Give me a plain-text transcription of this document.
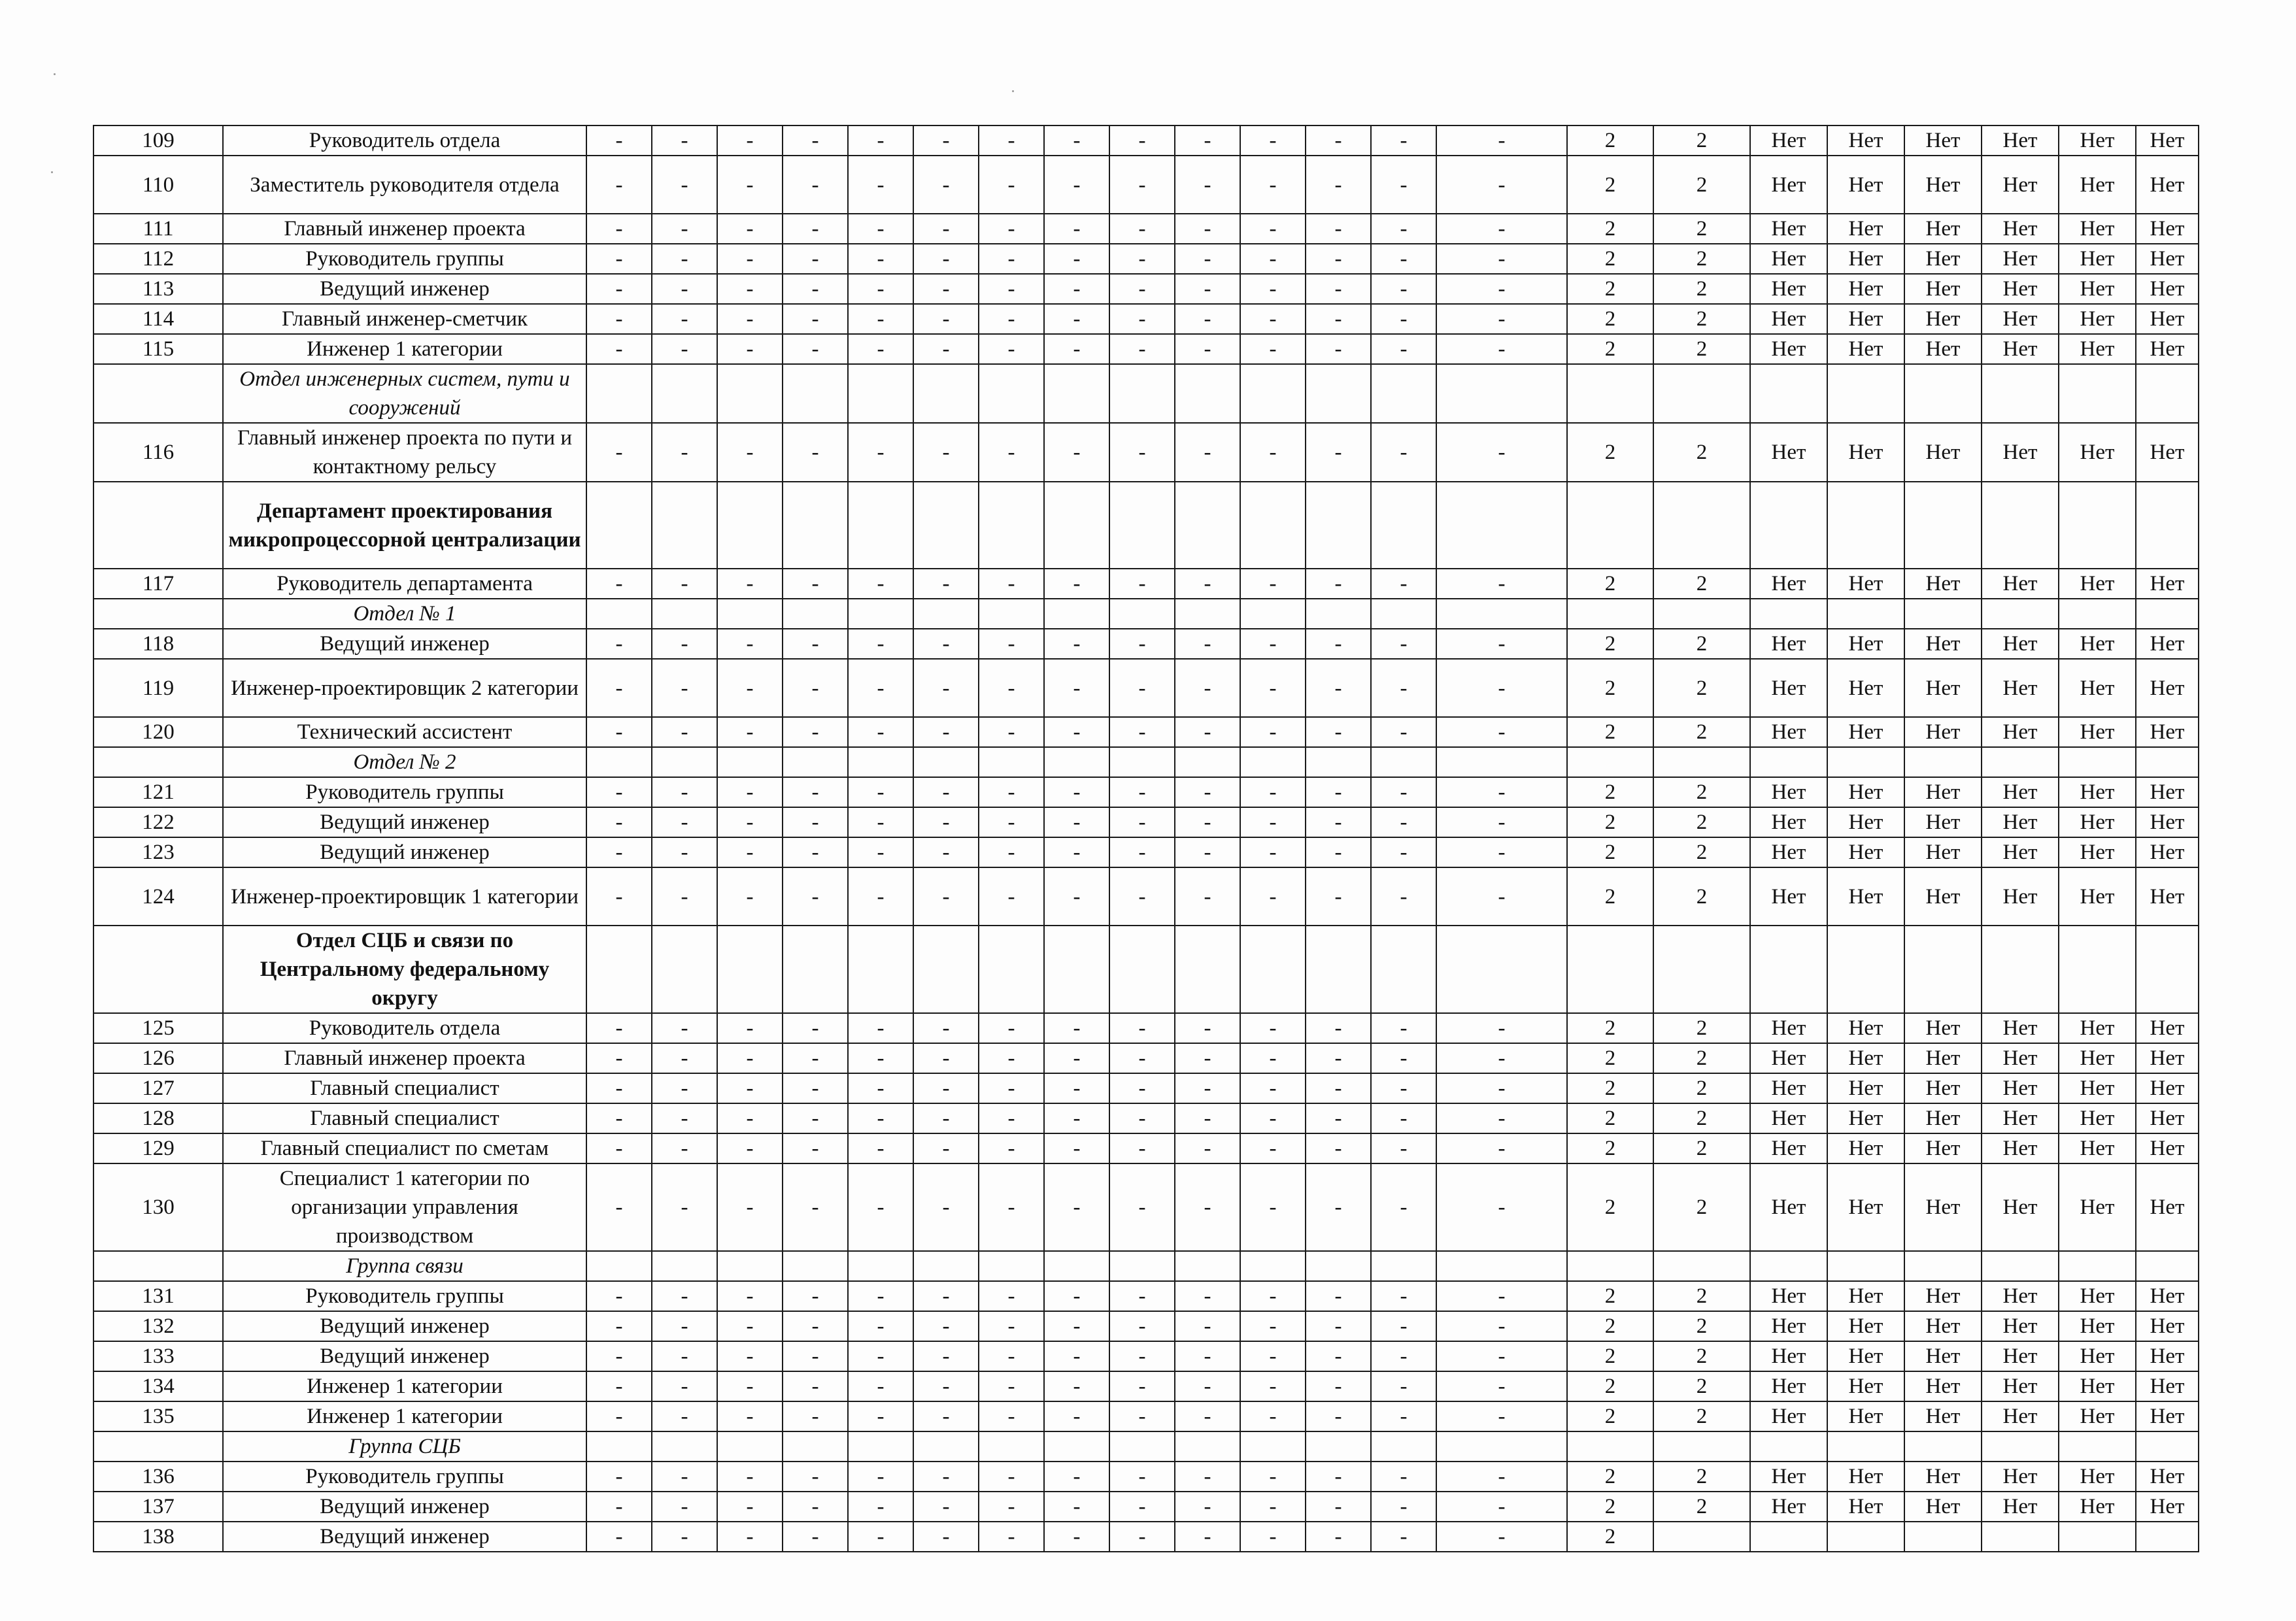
109	Руководитель отдела	-	-	-	-	-	-	-	-	-	-	-	-	-	-	2	2	Нет	Нет	Нет	Нет	Нет	Нет
110	Заместитель руководителя отдела	-	-	-	-	-	-	-	-	-	-	-	-	-	-	2	2	Нет	Нет	Нет	Нет	Нет	Нет
111	Главный инженер проекта	-	-	-	-	-	-	-	-	-	-	-	-	-	-	2	2	Нет	Нет	Нет	Нет	Нет	Нет
112	Руководитель группы	-	-	-	-	-	-	-	-	-	-	-	-	-	-	2	2	Нет	Нет	Нет	Нет	Нет	Нет
113	Ведущий инженер	-	-	-	-	-	-	-	-	-	-	-	-	-	-	2	2	Нет	Нет	Нет	Нет	Нет	Нет
114	Главный инженер-сметчик	-	-	-	-	-	-	-	-	-	-	-	-	-	-	2	2	Нет	Нет	Нет	Нет	Нет	Нет
115	Инженер 1 категории	-	-	-	-	-	-	-	-	-	-	-	-	-	-	2	2	Нет	Нет	Нет	Нет	Нет	Нет
	Отдел инженерных систем, пути и сооружений																						
116	Главный инженер проекта по пути и контактному рельсу	-	-	-	-	-	-	-	-	-	-	-	-	-	-	2	2	Нет	Нет	Нет	Нет	Нет	Нет
	Департамент проектирования микропроцессорной централизации																						
117	Руководитель департамента	-	-	-	-	-	-	-	-	-	-	-	-	-	-	2	2	Нет	Нет	Нет	Нет	Нет	Нет
	Отдел № 1																						
118	Ведущий инженер	-	-	-	-	-	-	-	-	-	-	-	-	-	-	2	2	Нет	Нет	Нет	Нет	Нет	Нет
119	Инженер-проектировщик 2 категории	-	-	-	-	-	-	-	-	-	-	-	-	-	-	2	2	Нет	Нет	Нет	Нет	Нет	Нет
120	Технический ассистент	-	-	-	-	-	-	-	-	-	-	-	-	-	-	2	2	Нет	Нет	Нет	Нет	Нет	Нет
	Отдел № 2																						
121	Руководитель группы	-	-	-	-	-	-	-	-	-	-	-	-	-	-	2	2	Нет	Нет	Нет	Нет	Нет	Нет
122	Ведущий инженер	-	-	-	-	-	-	-	-	-	-	-	-	-	-	2	2	Нет	Нет	Нет	Нет	Нет	Нет
123	Ведущий инженер	-	-	-	-	-	-	-	-	-	-	-	-	-	-	2	2	Нет	Нет	Нет	Нет	Нет	Нет
124	Инженер-проектировщик 1 категории	-	-	-	-	-	-	-	-	-	-	-	-	-	-	2	2	Нет	Нет	Нет	Нет	Нет	Нет
	Отдел СЦБ и связи по Центральному федеральному округу																						
125	Руководитель отдела	-	-	-	-	-	-	-	-	-	-	-	-	-	-	2	2	Нет	Нет	Нет	Нет	Нет	Нет
126	Главный инженер проекта	-	-	-	-	-	-	-	-	-	-	-	-	-	-	2	2	Нет	Нет	Нет	Нет	Нет	Нет
127	Главный специалист	-	-	-	-	-	-	-	-	-	-	-	-	-	-	2	2	Нет	Нет	Нет	Нет	Нет	Нет
128	Главный специалист	-	-	-	-	-	-	-	-	-	-	-	-	-	-	2	2	Нет	Нет	Нет	Нет	Нет	Нет
129	Главный специалист по сметам	-	-	-	-	-	-	-	-	-	-	-	-	-	-	2	2	Нет	Нет	Нет	Нет	Нет	Нет
130	Специалист 1 категории по организации управления производством	-	-	-	-	-	-	-	-	-	-	-	-	-	-	2	2	Нет	Нет	Нет	Нет	Нет	Нет
	Группа связи																						
131	Руководитель группы	-	-	-	-	-	-	-	-	-	-	-	-	-	-	2	2	Нет	Нет	Нет	Нет	Нет	Нет
132	Ведущий инженер	-	-	-	-	-	-	-	-	-	-	-	-	-	-	2	2	Нет	Нет	Нет	Нет	Нет	Нет
133	Ведущий инженер	-	-	-	-	-	-	-	-	-	-	-	-	-	-	2	2	Нет	Нет	Нет	Нет	Нет	Нет
134	Инженер 1 категории	-	-	-	-	-	-	-	-	-	-	-	-	-	-	2	2	Нет	Нет	Нет	Нет	Нет	Нет
135	Инженер 1 категории	-	-	-	-	-	-	-	-	-	-	-	-	-	-	2	2	Нет	Нет	Нет	Нет	Нет	Нет
	Группа СЦБ																						
136	Руководитель группы	-	-	-	-	-	-	-	-	-	-	-	-	-	-	2	2	Нет	Нет	Нет	Нет	Нет	Нет
137	Ведущий инженер	-	-	-	-	-	-	-	-	-	-	-	-	-	-	2	2	Нет	Нет	Нет	Нет	Нет	Нет
138	Ведущий инженер	-	-	-	-	-	-	-	-	-	-	-	-	-	-	2							
